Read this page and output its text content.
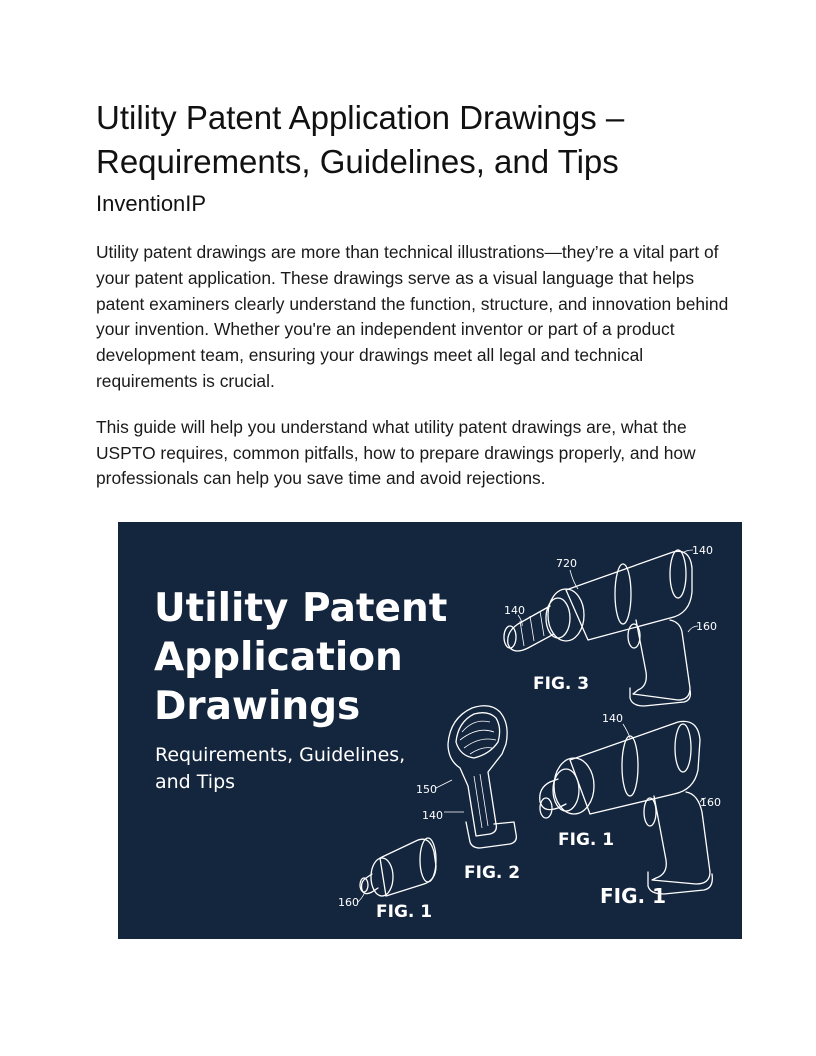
Utility Patent Application Drawings –
Requirements, Guidelines, and Tips
InventionIP

Utility patent drawings are more than technical illustrations—they’re a vital part of your patent application. These drawings serve as a visual language that helps patent examiners clearly understand the function, structure, and innovation behind your invention. Whether you're an independent inventor or part of a product development team, ensuring your drawings meet all legal and technical requirements is crucial.

This guide will help you understand what utility patent drawings are, what the USPTO requires, common pitfalls, how to prepare drawings properly, and how professionals can help you save time and avoid rejections.

Utility Patent
Application
Drawings

Requirements, Guidelines,
and Tips

720
140
140
160
FIG. 3
140
160
FIG. 1
FIG. 1
150
140
FIG. 2
160 FIG. 1
